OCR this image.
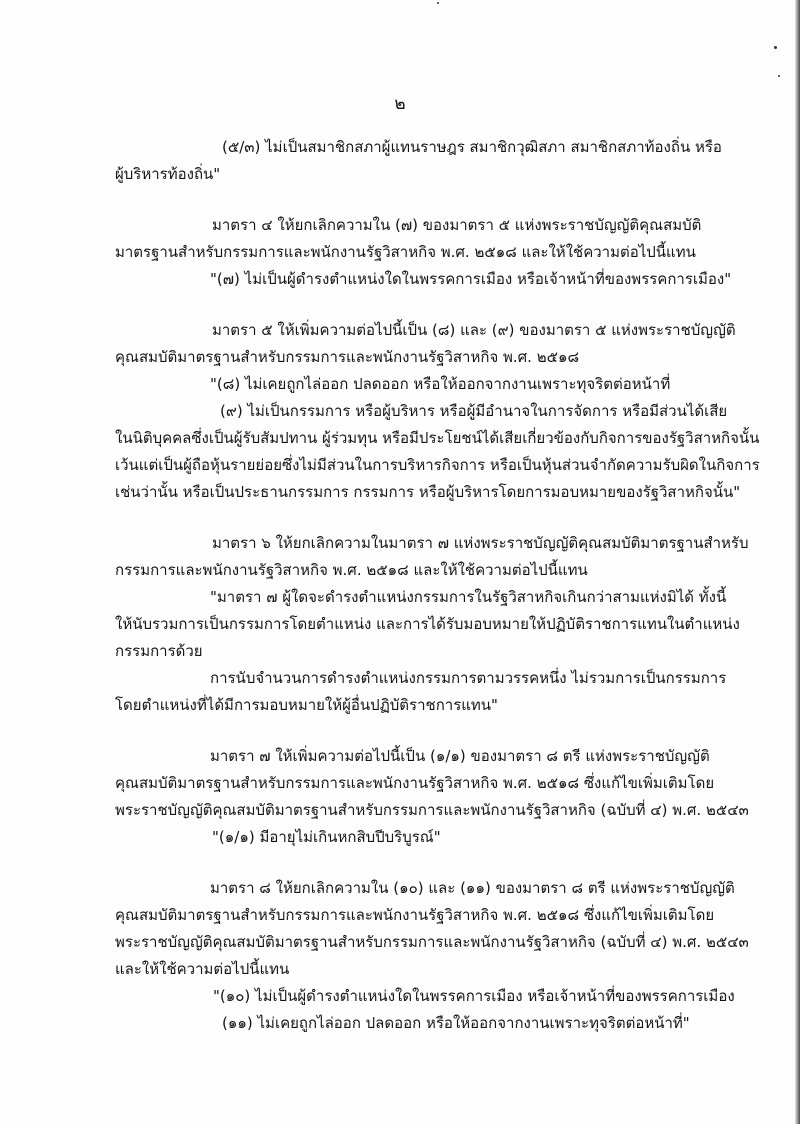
๒
(๕/๓) ไม่เป็นสมาชิกสภาผู้แทนราษฎร สมาชิกวุฒิสภา สมาชิกสภาท้องถิ่น หรือ
ผู้บริหารท้องถิ่น"
มาตรา ๔ ให้ยกเลิกความใน (๗) ของมาตรา ๕ แห่งพระราชบัญญัติคุณสมบัติ
มาตรฐานสำหรับกรรมการและพนักงานรัฐวิสาหกิจ พ.ศ. ๒๕๑๘ และให้ใช้ความต่อไปนี้แทน
"(๗) ไม่เป็นผู้ดำรงตำแหน่งใดในพรรคการเมือง หรือเจ้าหน้าที่ของพรรคการเมือง"
มาตรา ๕ ให้เพิ่มความต่อไปนี้เป็น (๘) และ (๙) ของมาตรา ๕ แห่งพระราชบัญญัติ
คุณสมบัติมาตรฐานสำหรับกรรมการและพนักงานรัฐวิสาหกิจ พ.ศ. ๒๕๑๘
"(๘) ไม่เคยถูกไล่ออก ปลดออก หรือให้ออกจากงานเพราะทุจริตต่อหน้าที่
(๙) ไม่เป็นกรรมการ หรือผู้บริหาร หรือผู้มีอำนาจในการจัดการ หรือมีส่วนได้เสีย
ในนิติบุคคลซึ่งเป็นผู้รับสัมปทาน ผู้ร่วมทุน หรือมีประโยชน์ได้เสียเกี่ยวข้องกับกิจการของรัฐวิสาหกิจนั้น
เว้นแต่เป็นผู้ถือหุ้นรายย่อยซึ่งไม่มีส่วนในการบริหารกิจการ หรือเป็นหุ้นส่วนจำกัดความรับผิดในกิจการ
เช่นว่านั้น หรือเป็นประธานกรรมการ กรรมการ หรือผู้บริหารโดยการมอบหมายของรัฐวิสาหกิจนั้น"
มาตรา ๖ ให้ยกเลิกความในมาตรา ๗ แห่งพระราชบัญญัติคุณสมบัติมาตรฐานสำหรับ
กรรมการและพนักงานรัฐวิสาหกิจ พ.ศ. ๒๕๑๘ และให้ใช้ความต่อไปนี้แทน
"มาตรา ๗ ผู้ใดจะดำรงตำแหน่งกรรมการในรัฐวิสาหกิจเกินกว่าสามแห่งมิได้ ทั้งนี้
ให้นับรวมการเป็นกรรมการโดยตำแหน่ง และการได้รับมอบหมายให้ปฏิบัติราชการแทนในตำแหน่ง
กรรมการด้วย
การนับจำนวนการดำรงตำแหน่งกรรมการตามวรรคหนึ่ง ไม่รวมการเป็นกรรมการ
โดยตำแหน่งที่ได้มีการมอบหมายให้ผู้อื่นปฏิบัติราชการแทน"
มาตรา ๗ ให้เพิ่มความต่อไปนี้เป็น (๑/๑) ของมาตรา ๘ ตรี แห่งพระราชบัญญัติ
คุณสมบัติมาตรฐานสำหรับกรรมการและพนักงานรัฐวิสาหกิจ พ.ศ. ๒๕๑๘ ซึ่งแก้ไขเพิ่มเติมโดย
พระราชบัญญัติคุณสมบัติมาตรฐานสำหรับกรรมการและพนักงานรัฐวิสาหกิจ (ฉบับที่ ๔) พ.ศ. ๒๕๔๓
"(๑/๑) มีอายุไม่เกินหกสิบปีบริบูรณ์"
มาตรา ๘ ให้ยกเลิกความใน (๑๐) และ (๑๑) ของมาตรา ๘ ตรี แห่งพระราชบัญญัติ
คุณสมบัติมาตรฐานสำหรับกรรมการและพนักงานรัฐวิสาหกิจ พ.ศ. ๒๕๑๘ ซึ่งแก้ไขเพิ่มเติมโดย
พระราชบัญญัติคุณสมบัติมาตรฐานสำหรับกรรมการและพนักงานรัฐวิสาหกิจ (ฉบับที่ ๔) พ.ศ. ๒๕๔๓
และให้ใช้ความต่อไปนี้แทน
"(๑๐) ไม่เป็นผู้ดำรงตำแหน่งใดในพรรคการเมือง หรือเจ้าหน้าที่ของพรรคการเมือง
(๑๑) ไม่เคยถูกไล่ออก ปลดออก หรือให้ออกจากงานเพราะทุจริตต่อหน้าที่"
